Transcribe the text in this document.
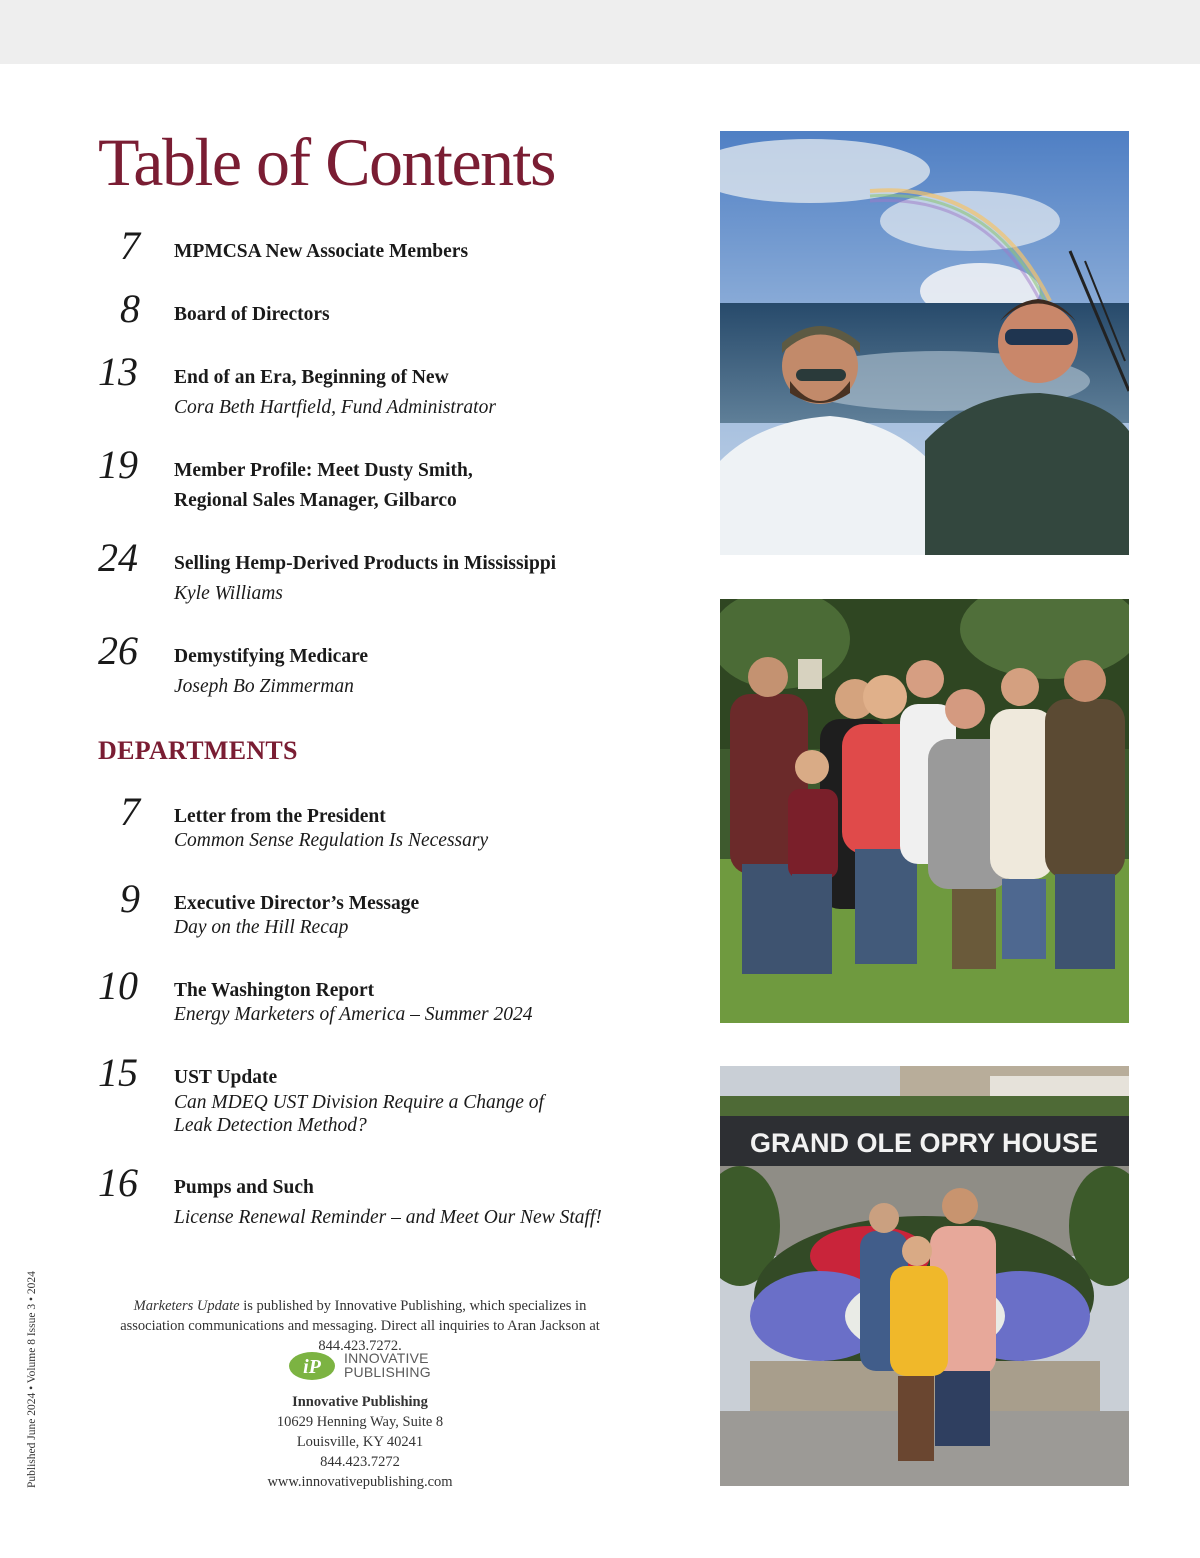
Table of Contents
7 MPMCSA New Associate Members
8 Board of Directors
13 End of an Era, Beginning of New
Cora Beth Hartfield, Fund Administrator
19 Member Profile: Meet Dusty Smith,
Regional Sales Manager, Gilbarco
24 Selling Hemp-Derived Products in Mississippi
Kyle Williams
26 Demystifying Medicare
Joseph Bo Zimmerman
DEPARTMENTS
7 Letter from the President
Common Sense Regulation Is Necessary
9 Executive Director’s Message
Day on the Hill Recap
10 The Washington Report
Energy Marketers of America – Summer 2024
15 UST Update
Can MDEQ UST Division Require a Change of
Leak Detection Method?
16 Pumps and Such
License Renewal Reminder – and Meet Our New Staff!

Marketers Update is published by Innovative Publishing, which specializes in association communications and messaging. Direct all inquiries to Aran Jackson at 844.423.7272.

iP INNOVATIVE
PUBLISHING
Innovative Publishing
10629 Henning Way, Suite 8
Louisville, KY 40241
844.423.7272
www.innovativepublishing.com
Published June 2024 • Volume 8 Issue 3 • 2024
GRAND OLE OPRY HOUSE
